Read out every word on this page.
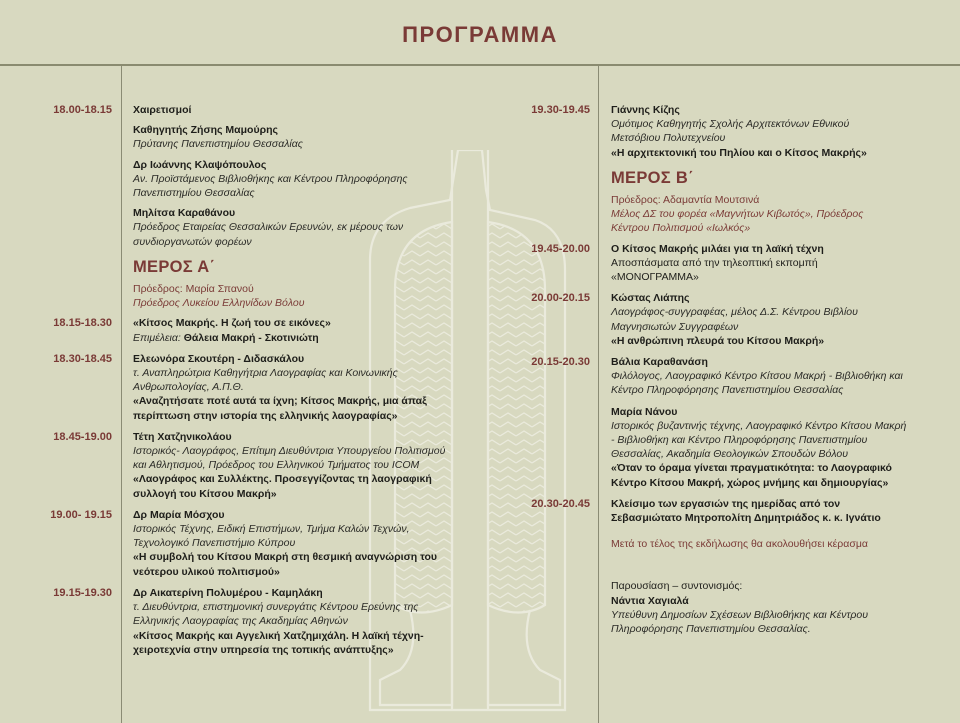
ΠΡΟΓΡΑΜΜΑ
18.00-18.15 Χαιρετισμοί
Καθηγητής Ζήσης Μαμούρης
Πρύτανης Πανεπιστημίου Θεσσαλίας
Δρ Ιωάννης Κλαψόπουλος
Αν. Προϊστάμενος Βιβλιοθήκης και Κέντρου Πληροφόρησης Πανεπιστημίου Θεσσαλίας
Μηλίτσα Καραθάνου
Πρόεδρος Εταιρείας Θεσσαλικών Ερευνών, εκ μέρους των συνδιοργανωτών φορέων
ΜΕΡΟΣ Α΄
Πρόεδρος: Μαρία Σπανού
Πρόεδρος Λυκείου Ελληνίδων Βόλου
18.15-18.30 «Κίτσος Μακρής. Η ζωή του σε εικόνες»
Επιμέλεια: Θάλεια Μακρή - Σκοτινιώτη
18.30-18.45 Ελεωνόρα Σκουτέρη - Διδασκάλου
τ. Αναπληρώτρια Καθηγήτρια Λαογραφίας και Κοινωνικής Ανθρωπολογίας, Α.Π.Θ.
«Αναζητήσατε ποτέ αυτά τα ίχνη; Κίτσος Μακρής, μια άπαξ περίπτωση στην ιστορία της ελληνικής λαογραφίας»
18.45-19.00 Τέτη Χατζηνικολάου
Ιστορικός- Λαογράφος, Επίτιμη Διευθύντρια Υπουργείου Πολιτισμού και Αθλητισμού, Πρόεδρος του Ελληνικού Τμήματος του ICOM
«Λαογράφος και Συλλέκτης. Προσεγγίζοντας τη λαογραφική συλλογή του Κίτσου Μακρή»
19.00- 19.15 Δρ Μαρία Μόσχου
Ιστορικός Τέχνης, Ειδική Επιστήμων, Τμήμα Καλών Τεχνών, Τεχνολογικό Πανεπιστήμιο Κύπρου
«Η συμβολή του Κίτσου Μακρή στη θεσμική αναγνώριση του νεότερου υλικού πολιτισμού»
19.15-19.30 Δρ Αικατερίνη Πολυμέρου - Καμηλάκη
τ. Διευθύντρια, επιστημονική συνεργάτις Κέντρου Ερεύνης της Ελληνικής Λαογραφίας της Ακαδημίας Αθηνών
«Κίτσος Μακρής και Αγγελική Χατζημιχάλη. Η λαϊκή τέχνη-χειροτεχνία στην υπηρεσία της τοπικής ανάπτυξης»
19.30-19.45 Γιάννης Κίζης
Ομότιμος Καθηγητής Σχολής Αρχιτεκτόνων Εθνικού Μετσόβιου Πολυτεχνείου
«Η αρχιτεκτονική του Πηλίου και ο Κίτσος Μακρής»
ΜΕΡΟΣ Β΄
Πρόεδρος: Αδαμαντία Μουτσινά
Μέλος ΔΣ του φορέα «Μαγνήτων Κιβωτός», Πρόεδρος Κέντρου Πολιτισμού «Ιωλκός»
19.45-20.00 Ο Κίτσος Μακρής μιλάει για τη λαϊκή τέχνη
Αποσπάσματα από την τηλεοπτική εκπομπή «ΜΟΝΟΓΡΑΜΜΑ»
20.00-20.15 Κώστας Λιάπης
Λαογράφος-συγγραφέας, μέλος Δ.Σ. Κέντρου Βιβλίου Μαγνησιωτών Συγγραφέων
«Η ανθρώπινη πλευρά του Κίτσου Μακρή»
20.15-20.30 Βάλια Καραθανάση
Φιλόλογος, Λαογραφικό Κέντρο Κίτσου Μακρή - Βιβλιοθήκη και Κέντρο Πληροφόρησης Πανεπιστημίου Θεσσαλίας
Μαρία Νάνου
Ιστορικός βυζαντινής τέχνης, Λαογραφικό Κέντρο Κίτσου Μακρή - Βιβλιοθήκη και Κέντρο Πληροφόρησης Πανεπιστημίου Θεσσαλίας, Ακαδημία Θεολογικών Σπουδών Βόλου
«Όταν το όραμα γίνεται πραγματικότητα: το Λαογραφικό Κέντρο Κίτσου Μακρή, χώρος μνήμης και δημιουργίας»
20.30-20.45 Κλείσιμο των εργασιών της ημερίδας από τον Σεβασμιώτατο Μητροπολίτη Δημητριάδος κ. κ. Ιγνάτιο
Μετά το τέλος της εκδήλωσης θα ακολουθήσει κέρασμα
Παρουσίαση – συντονισμός:
Νάντια Χαγιαλά
Υπεύθυνη Δημοσίων Σχέσεων Βιβλιοθήκης και Κέντρου Πληροφόρησης Πανεπιστημίου Θεσσαλίας.
